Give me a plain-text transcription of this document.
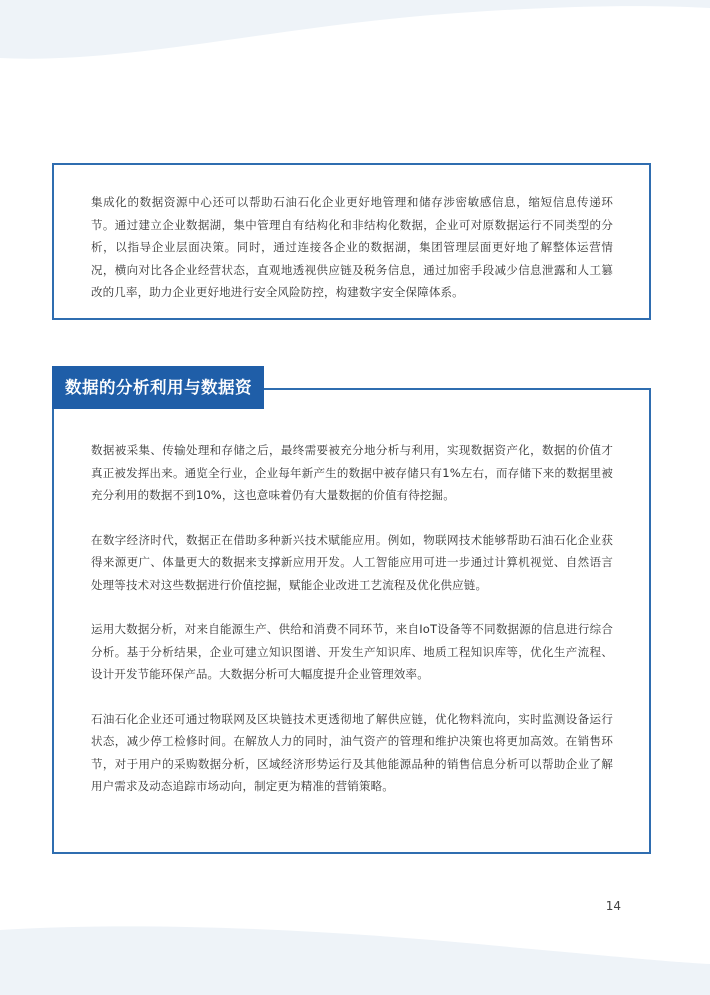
集成化的数据资源中心还可以帮助石油石化企业更好地管理和储存涉密敏感信息，缩短信息传递环节。通过建立企业数据湖，集中管理自有结构化和非结构化数据，企业可对原数据运行不同类型的分析，以指导企业层面决策。同时，通过连接各企业的数据湖，集团管理层面更好地了解整体运营情况，横向对比各企业经营状态，直观地透视供应链及税务信息，通过加密手段减少信息泄露和人工篡改的几率，助力企业更好地进行安全风险防控，构建数字安全保障体系。

数据被采集、传输处理和存储之后，最终需要被充分地分析与利用，实现数据资产化，数据的价值才真正被发挥出来。通览全行业，企业每年新产生的数据中被存储只有1%左右，而存储下来的数据里被充分利用的数据不到10%，这也意味着仍有大量数据的价值有待挖掘。

在数字经济时代，数据正在借助多种新兴技术赋能应用。例如，物联网技术能够帮助石油石化企业获得来源更广、体量更大的数据来支撑新应用开发。人工智能应用可进一步通过计算机视觉、自然语言处理等技术对这些数据进行价值挖掘，赋能企业改进工艺流程及优化供应链。

运用大数据分析，对来自能源生产、供给和消费不同环节，来自IoT设备等不同数据源的信息进行综合分析。基于分析结果，企业可建立知识图谱、开发生产知识库、地质工程知识库等，优化生产流程、设计开发节能环保产品。大数据分析可大幅度提升企业管理效率。

石油石化企业还可通过物联网及区块链技术更透彻地了解供应链，优化物料流向，实时监测设备运行状态，减少停工检修时间。在解放人力的同时，油气资产的管理和维护决策也将更加高效。在销售环节，对于用户的采购数据分析，区域经济形势运行及其他能源品种的销售信息分析可以帮助企业了解用户需求及动态追踪市场动向，制定更为精准的营销策略。

数据的分析利用与数据资产化
14
